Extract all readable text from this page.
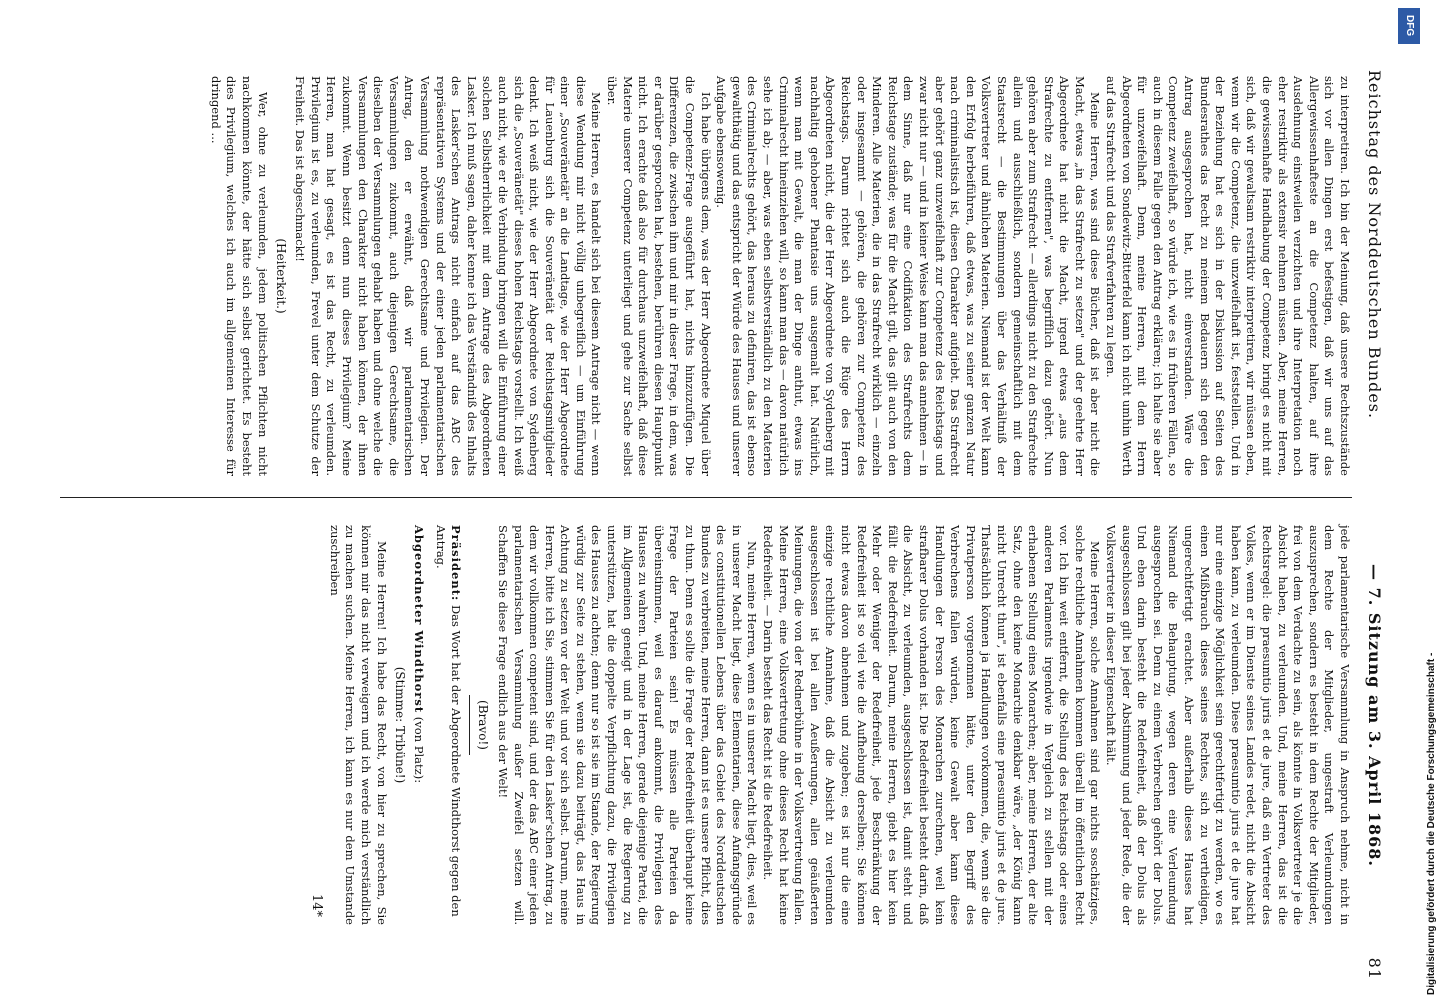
Reichstag des Norddeutschen Bundes.
— 7. Sitzung am 3. April 1868.
81

zu interpretiren. Ich bin der Meinung, daß unsere Rechtszustände sich vor allen Dingen erst befestigen, daß wir uns auf das Allergewissenhafteste an die Competenz halten, auf ihre Ausdehnung einstweilen verzichten und ihre Interpretation noch eher restriktiv als extensiv nehmen müssen. Aber, meine Herren, die gewissenhafte Handhabung der Competenz bringt es nicht mit sich, daß wir gewaltsam restriktiv interpretiren, wir müssen eben, wenn wir die Competenz, die unzweifelhaft ist, feststellen. Und in der Beziehung hat es sich in der Diskussion auf Seiten des Bundesrathes das Recht zu meinem Bedauern sich gegen den Antrag ausgesprochen hat, nicht einverstanden. Wäre die Competenz zweifelhaft, so würde ich, wie es in früheren Fällen, so auch in diesem Falle gegen den Antrag erklären; ich halte sie aber für unzweifelhaft. Denn, meine Herren, mit dem Herrn Abgeordneten von Sondewitz-Bitterfeld kann ich nicht umhin Werth auf das Strafrecht und das Strafverfahren zu legen.

Meine Herren, was sind diese Bücher, daß ist aber nicht die Macht, etwas „in das Strafrecht zu setzen" und der geehrte Herr Abgeordnete hat nicht die Macht, irgend etwas „aus dem Strafrechte zu entfernen", was begrifflich dazu gehört. Nun gehören aber zum Strafrecht — allerdings nicht zu den Strafrechte allein und ausschließlich, sondern gemeinschaftlich mit dem Staatsrecht — die Bestimmungen über das Verhältniß der Volksvertreter und ähnlichen Materien. Niemand ist der Welt kann den Erfolg herbeiführen, daß etwas, was zu seiner ganzen Natur nach criminalistisch ist, diesen Charakter aufgiebt. Das Strafrecht aber gehört ganz unzweifelhaft zur Competenz des Reichstags und zwar nicht nur — und in keiner Weise kann man das annehmen — in dem Sinne, daß nur eine Codifikation des Strafrechts dem Reichstage zustände; was für die Macht gilt, das gilt auch von den Minderen. Alle Materien, die in das Strafrecht wirklich — einzeln oder insgesammt — gehören, die gehören zur Competenz des Reichstags. Darum richtet sich auch die Rüge des Herrn Abgeordneten nicht, die der Herr Abgeordnete von Sydenberg mit nachhaltig gehobener Phantasie uns ausgemalt hat. Natürlich, wenn man mit Gewalt, die man der Dinge anthut, etwas ins Criminalrecht hineinziehen will, so kann man das — davon natürlich sehe ich ab; — aber, was eben selbstverständlich zu den Materien des Criminalrechts gehört, das heraus zu definiren, das ist ebenso gewaltthätig und das entspricht der Würde des Hauses und unserer Aufgabe ebensowenig.

Ich habe übrigens dem, was der Herr Abgeordnete Miquel über die Competenz-Frage ausgeführt hat, nichts hinzuzufügen. Die Differenzen, die zwischen ihm und mir in dieser Frage, in dem, was er darüber gesprochen hat, bestehen, berühren diesen Hauptpunkt nicht. Ich erachte daß also für durchaus unzweifelhaft, daß diese Materie unserer Competenz unterliegt und gehe zur Sache selbst über.

Meine Herren, es handelt sich bei diesem Antrage nicht — wenn diese Wendung mir nicht völlig unbegreiflich — um Einführung einer „Souveränetät" an die Landtage, wie der Herr Abgeordnete für Lauenburg sich die Souveränetät der Reichstagsmitglieder denkt. Ich weiß nicht, wie der Herr Abgeordnete von Sydenberg sich die „Souveränetät" dieses hohen Reichstags vorstellt. Ich weiß auch nicht, wie er die Verbindung bringen will die Einführung einer solchen Selbstherrlichkeit mit dem Antrage des Abgeordneten Lasker. Ich muß sagen, daher kenne ich das Verständniß des Inhalts des Lasker'schen Antrags nicht einfach auf das ABC des repräsentativen Systems und der einer jeden parlamentarischen Versammlung nothwendigen Gerechtsame und Privilegien. Der Antrag, den er erwähnt, daß wir parlamentarischen Versammlungen zukommt, auch diejenigen Gerechtsame, die dieselben der Versammlungen gehabt haben und ohne welche die Versammlungen den Charakter nicht haben können, der ihnen zukommt. Wenn besitzt denn nun dieses Privilegium? Meine Herren, man hat gesagt, es ist das Recht, zu verleumden. Privilegium ist es, zu verleumden, Frevel unter dem Schutze der Freiheit. Das ist abgeschmackt!

(Heiterkeit.)

Wer, ohne zu verleumden, jedem politischen Pflichten nicht nachkommen könnte, der hätte sich selbst gerichtet. Es besteht dies Privilegium, welches ich auch im allgemeinen Interesse für dringend ...

jede parlamentarische Versammlung in Anspruch nehme, nicht in dem Rechte der Mitglieder, ungestraft Verleumdungen auszusprechen, sondern es besteht in dem Rechte der Mitglieder, frei von dem Verdachte zu sein, als könnte in Volksvertreter je die Absicht haben, zu verleumden. Und, meine Herren, das ist die Rechtsregel: die praesumtio juris et de jure, daß ein Vertreter des Volkes, wenn er im Dienste seines Landes redet, nicht die Absicht haben kann, zu verleumden. Diese praesumtio juris et de jure hat nur eine einzige Möglichkeit sein gerechtfertigt zu werden, wo es einen Mißbrauch dieses seines Rechtes, sich zu vertheidigen, ungerechtfertigt erachtet. Aber außerhalb dieses Hauses hat Niemand die Behauptung, wegen deren eine Verleumdung ausgesprochen sei. Denn zu einem Verbrechen gehört der Dolus. Und eben darin besteht die Redefreiheit, daß der Dolus als ausgeschlossen gilt bei jeder Abstimmung und jeder Rede, die der Volksvertreter in dieser Eigenschaft hält.

Meine Herren, solche Annahmen sind gar nichts soschätziges, solche rechtliche Annahmen kommen überall im öffentlichen Recht vor. Ich bin weit entfernt, die Stellung des Reichstags oder eines anderen Parlaments irgendwie in Vergleich zu stellen mit der erhabenen Stellung eines Monarchen; aber, meine Herren, der alte Satz, ohne den keine Monarchie denkbar wäre, „der König kann nicht Unrecht thun", ist ebenfalls eine praesumtio juris et de jure. Thatsächlich können ja Handlungen vorkommen, die, wenn sie die Privatperson vorgenommen hätte, unter den Begriff des Verbrechens fallen würden, keine Gewalt aber kann diese Handlungen der Person des Monarchen zurechnen, weil kein strafbarer Dolus vorhanden ist. Die Redefreiheit besteht darin, daß die Absicht, zu verleumden, ausgeschlossen ist, damit steht und fällt die Redefreiheit. Darum, meine Herren, giebt es hier kein Mehr oder Weniger der Redefreiheit, jede Beschränkung der Redefreiheit ist so viel wie die Aufhebung derselben; Sie können nicht etwas davon abnehmen und zugeben; es ist nur die eine einzige rechtliche Annahme, daß die Absicht zu verleumden ausgeschlossen ist bei allen Aeußerungen, allen geäußerten Meinungen, die von der Rednerbühne in der Volksvertretung fallen. Meine Herren, eine Volksvertretung ohne dieses Recht hat keine Redefreiheit. — Darin besteht das Recht ist die Redefreiheit.

Nun, meine Herren, wenn es in unserer Macht liegt, dies, weil es in unserer Macht liegt, diese Elementarien, diese Anfangsgründe des constitutionellen Lebens über das Gebiet des Norddeutschen Bundes zu verbreiten, meine Herren, dann ist es unsere Pflicht, dies zu thun. Denn es sollte die Frage der Redefreiheit überhaupt keine Frage der Parteien sein! Es müssen alle Parteien da übereinstimmen, weil es darauf ankommt, die Privilegien des Hauses zu wahren. Und, meine Herren, gerade diejenige Partei, die im Allgemeinen geneigt und in der Lage ist, die Regierung zu unterstützen, hat die doppelte Verpflichtung dazu, die Privilegien des Hauses zu achten; denn nur so ist sie im Stande, der Regierung würdig zur Seite zu stehen, wenn sie dazu beiträgt, das Haus in Achtung zu setzen vor der Welt und vor sich selbst. Darum, meine Herren, bitte ich Sie, stimmen Sie für den Lasker'schen Antrag, zu dem wir vollkommen competent sind, und der das ABC einer jeden parlamentarischen Versammlung außer Zweifel setzen will. Schaffen Sie diese Frage endlich aus der Welt!

(Bravo!)

Präsident: Das Wort hat der Abgeordnete Windthorst gegen den Antrag.

Abgeordneter Windthorst (von Platz):

(Stimme: Tribüne!)

Meine Herren! Ich habe das Recht, von hier zu sprechen, Sie können mir das nicht verweigern und ich werde mich verständlich zu machen suchen. Meine Herren, ich kann es nur dem Umstande zuschreiben

14*

DFG
Digitalisierung gefördert durch die Deutsche Forschungsgemeinschaft -
